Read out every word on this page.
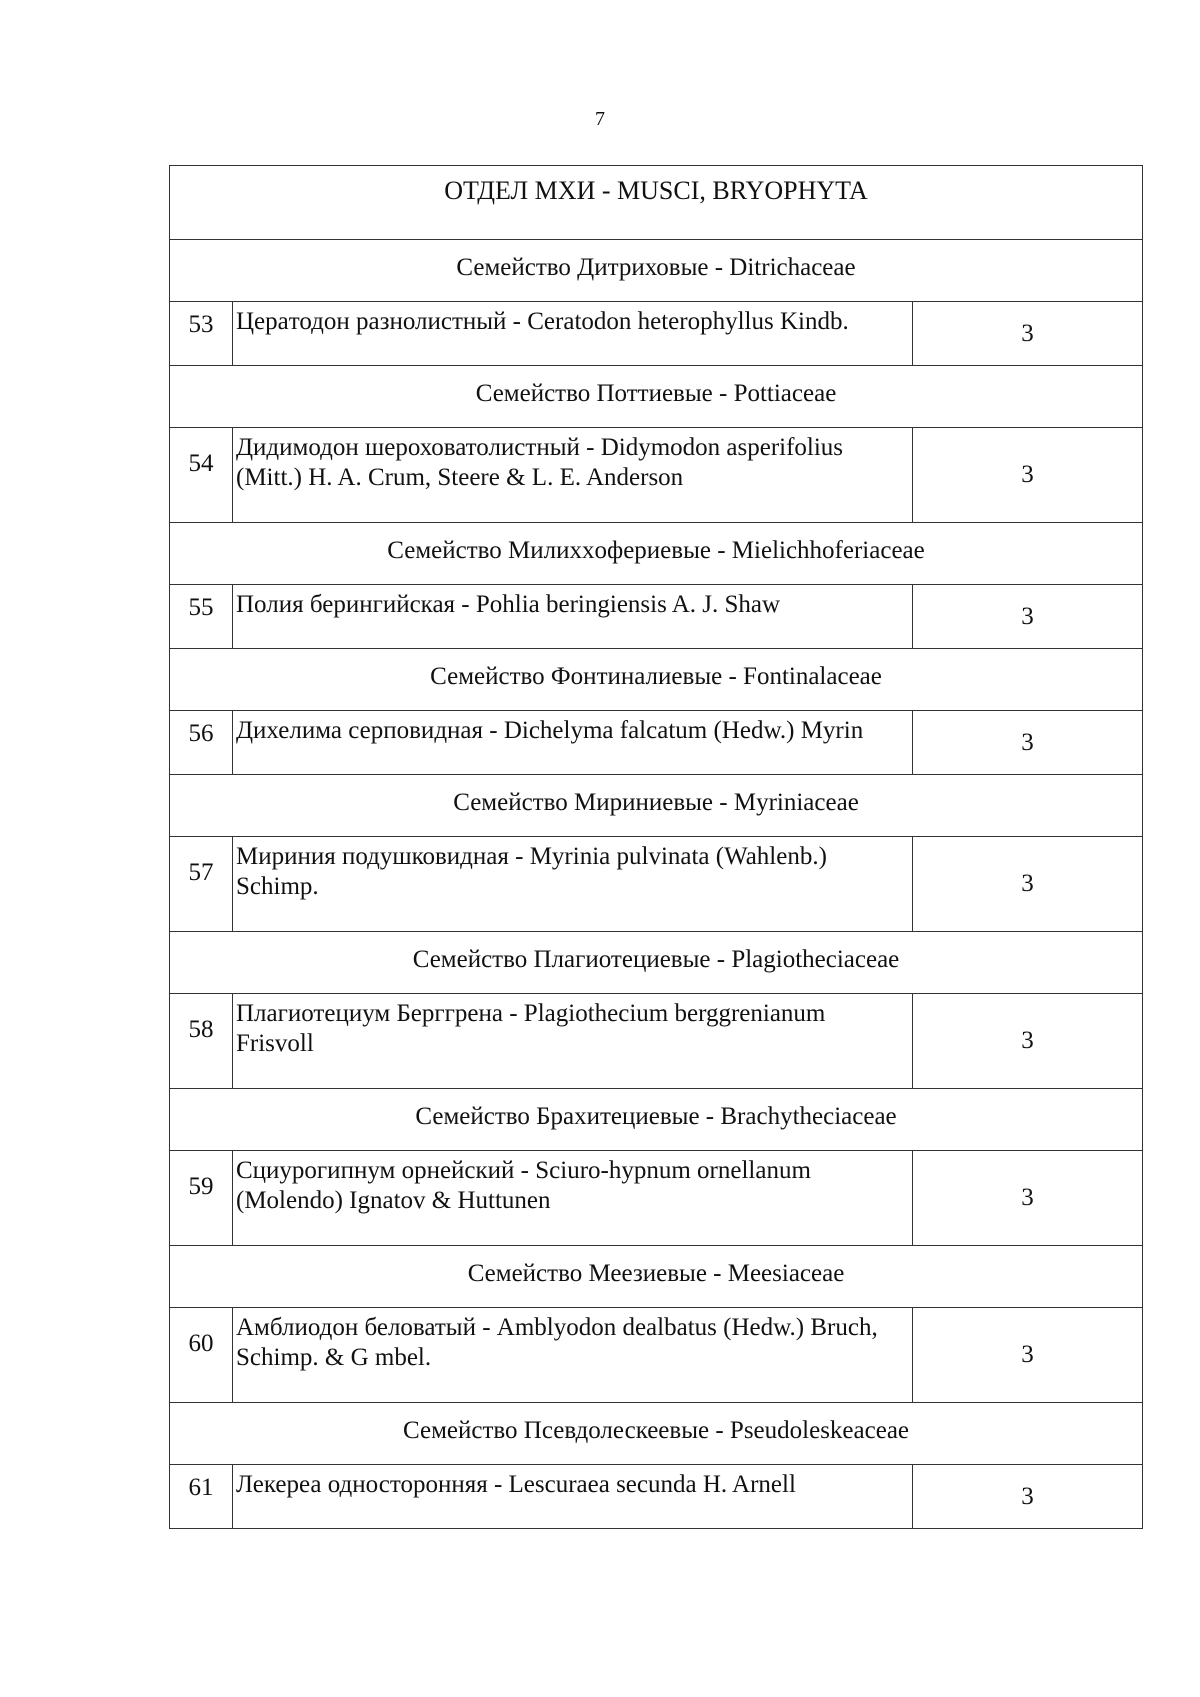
7
ОТДЕЛ МХИ - MUSCI, BRYOPHYTA		
Семейство Дитриховые - Ditrichaceae		
53	Церaтодон разнолистный - Ceratodon heterophyllus Kindb.	3
Семейство Поттиевые - Pottiaceae		
54	Дидимодон шероховатолистный - Didymodon asperifolius (Mitt.) H. A. Crum, Steere & L. E. Anderson	3
Семейство Милихxофериевые - Mielichhoferiaceae		
55	Полия берингийская - Pohlia beringiensis A. J. Shaw	3
Семейство Фонтиналиевые - Fontinalaceae		
56	Дихелима серповидная - Dichelyma falcatum (Hedw.) Myrin	3
Семейство Мириниевые - Myriniaceae		
57	Мириния подушковидная - Myrinia pulvinata (Wahlenb.) Schimp.	3
Семейство Плагиотециевые - Plagiotheciaceae		
58	Плагиотециум Берггрена - Plagiothecium berggrenianum Frisvoll	3
Семейство Брахитециевые - Brachytheciaceae		
59	Сциурогипнум орнейский - Sciuro-hypnum ornellanum (Molendo) Ignatov & Huttunen	3
Семейство Меезиевые - Meesiaceae		
60	Амблиодон беловатый - Amblyodon dealbatus (Hedw.) Bruch, Schimp. & G mbel.	3
Семейство Псевдолескеевые - Pseudoleskeaceae		
61	Лекереа односторонняя - Lescuraea secunda H. Arnell	3
